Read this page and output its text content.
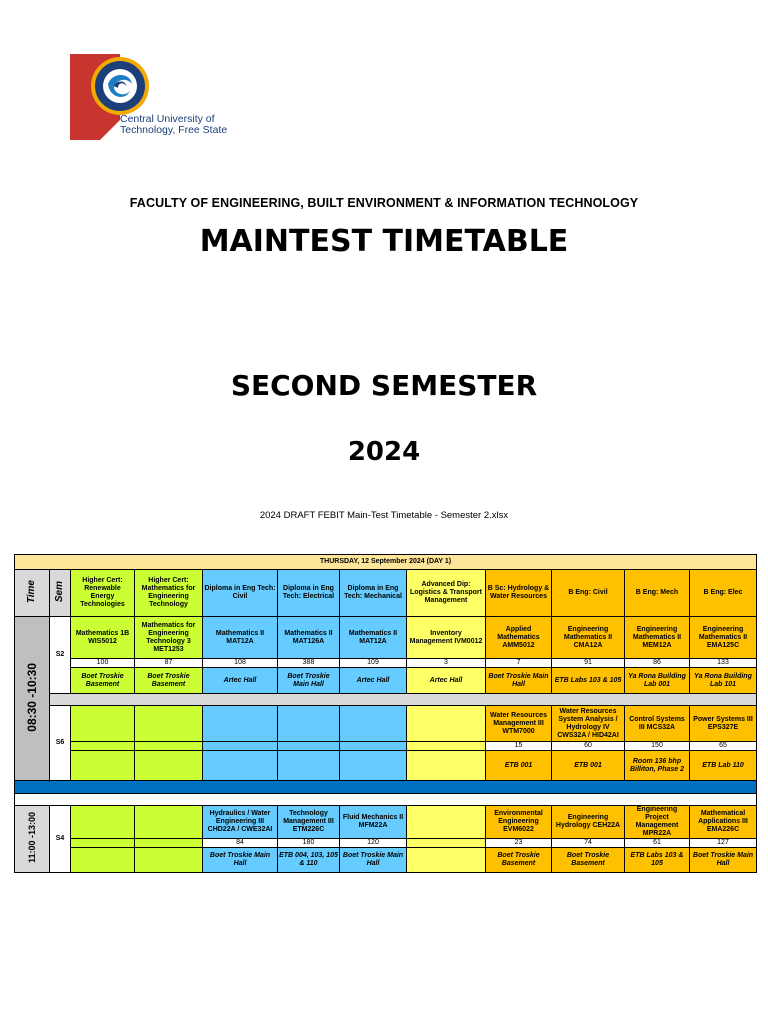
Central University of
Technology, Free State
FACULTY OF ENGINEERING, BUILT ENVIRONMENT & INFORMATION TECHNOLOGY
MAINTEST TIMETABLE
SECOND SEMESTER
2024
2024 DRAFT FEBIT Main-Test Timetable - Semester 2.xlsx
THURSDAY, 12 September 2024 (DAY 1)											
Time	Sem	Higher Cert: Renewable Energy Technologies	Higher Cert: Mathematics for Engineering Technology	Diploma in Eng Tech: Civil	Diploma in Eng Tech: Electrical	Diploma in Eng Tech: Mechanical	Advanced Dip: Logistics & Transport Management	B Sc: Hydrology & Water Resources	B Eng: Civil	B Eng: Mech	B Eng: Elec
08:30 -10:30	S2	Mathematics 1B WIS5012	Mathematics for Engineering Technology 3 MET1253	Mathematics II MAT12A	Mathematics II MAT126A	Mathematics II MAT12A	Inventory Management IVM0012	Applied Mathematics AMM5012	Engineering Mathematics II CMA12A	Engineering Mathematics II MEM12A	Engineering Mathematics II EMA125C
		100	87	108	388	109	3	7	91	86	133
		Boet Troskie Basement	Boet Troskie Basement	Artec Hall	Boet Troskie Main Hall	Artec Hall	Artec Hall	Boet Troskie Main Hall	ETB Labs 103 & 105	Ya Rona Building Lab 001	Ya Rona Building Lab 101

	S6							Water Resources Management III WTM7000	Water Resources System Analysis / Hydrology IV CWS32A / HID42AI	Control Systems III MCS32A	Power Systems III EPS327E
								15	60	150	65
								ETB 001	ETB 001	Room 136 bhp Billiton, Phase 2	ETB Lab 110

11:00 -13:00	S4			Hydraulics / Water Engineering III CHD22A / CWE32AI	Technology Management III ETM226C	Fluid Mechanics II MFM22A		Environmental Engineering EVM6022	Engineering Hydrology CEH22A	Engineering Project Management MPR22A	Mathematical Applications III EMA226C
				84	180	120		23	74	61	127
				Boet Troskie Main Hall	ETB 004, 103, 105 & 110	Boet Troskie Main Hall		Boet Troskie Basement	Boet Troskie Basement	ETB Labs 103 & 105	Boet Troskie Main Hall
